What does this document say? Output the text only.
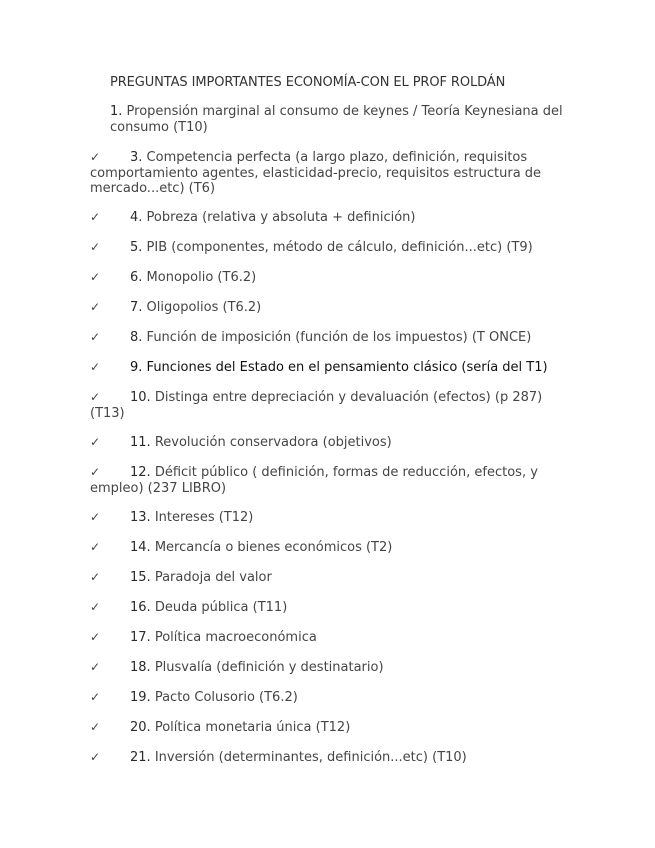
PREGUNTAS IMPORTANTES ECONOMÍA-CON EL PROF ROLDÁN
1. Propensión marginal al consumo de keynes / Teoría Keynesiana del consumo (T10)
✓ 3. Competencia perfecta (a largo plazo, definición, requisitos comportamiento agentes, elasticidad-precio, requisitos estructura de mercado...etc) (T6)
✓ 4. Pobreza (relativa y absoluta + definición)
✓ 5. PIB (componentes, método de cálculo, definición...etc) (T9)
✓ 6. Monopolio (T6.2)
✓ 7. Oligopolios (T6.2)
✓ 8. Función de imposición (función de los impuestos) (T ONCE)
✓ 9. Funciones del Estado en el pensamiento clásico (sería del T1)
✓ 10. Distinga entre depreciación y devaluación (efectos) (p 287) (T13)
✓ 11. Revolución conservadora (objetivos)
✓ 12. Déficit público ( definición, formas de reducción, efectos, y empleo) (237 LIBRO)
✓ 13. Intereses (T12)
✓ 14. Mercancía o bienes económicos (T2)
✓ 15. Paradoja del valor
✓ 16. Deuda pública (T11)
✓ 17. Política macroeconómica
✓ 18. Plusvalía (definición y destinatario)
✓ 19. Pacto Colusorio (T6.2)
✓ 20. Política monetaria única (T12)
✓ 21. Inversión (determinantes, definición...etc) (T10)
